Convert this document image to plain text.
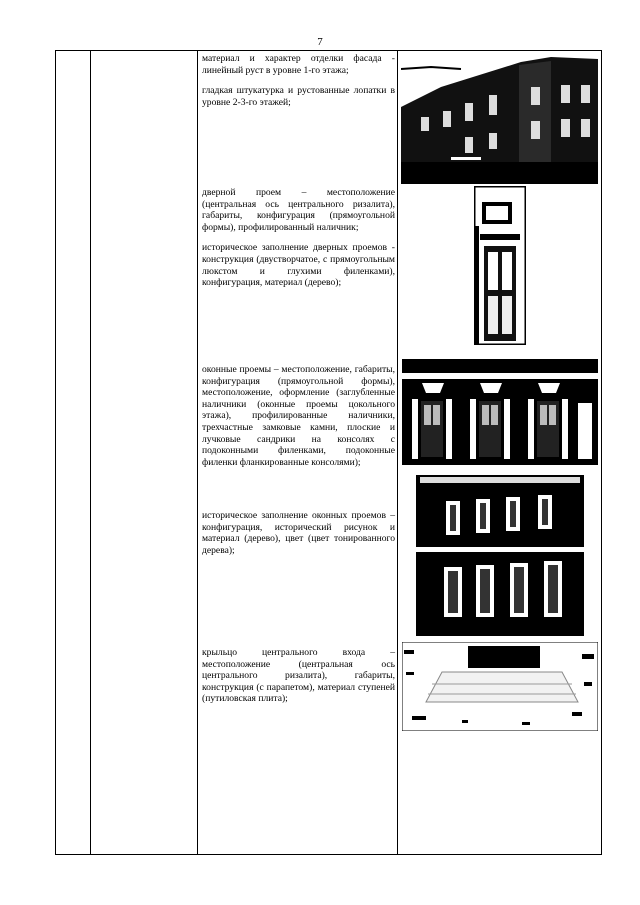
7

материал и характер отделки фасада - линейный руст в уровне 1-го этажа;

гладкая штукатурка и рустованные лопатки в уровне 2-3-го этажей;

дверной проем – местоположение (центральная ось центрального ризалита), габариты, конфигурация (прямоугольной формы), профилированный наличник;

историческое заполнение дверных проемов - конструкция (двустворчатое, с прямоугольным люкстом и глухими филенками), конфигурация, материал (дерево);

оконные проемы – местоположение, габариты, конфигурация (прямоугольной формы), местоположение, оформление (заглубленные наличники (оконные проемы цокольного этажа), профилированные наличники, трехчастные замковые камни, плоские и лучковые сандрики на консолях с подоконными филенками, подоконные филенки фланкированные консолями);

историческое заполнение оконных проемов – конфигурация, исторический рисунок и материал (дерево), цвет (цвет тонированного дерева);

крыльцо центрального входа – местоположение (центральная ось центрального ризалита), габариты, конструкция (с парапетом), материал ступеней (путиловская плита);
